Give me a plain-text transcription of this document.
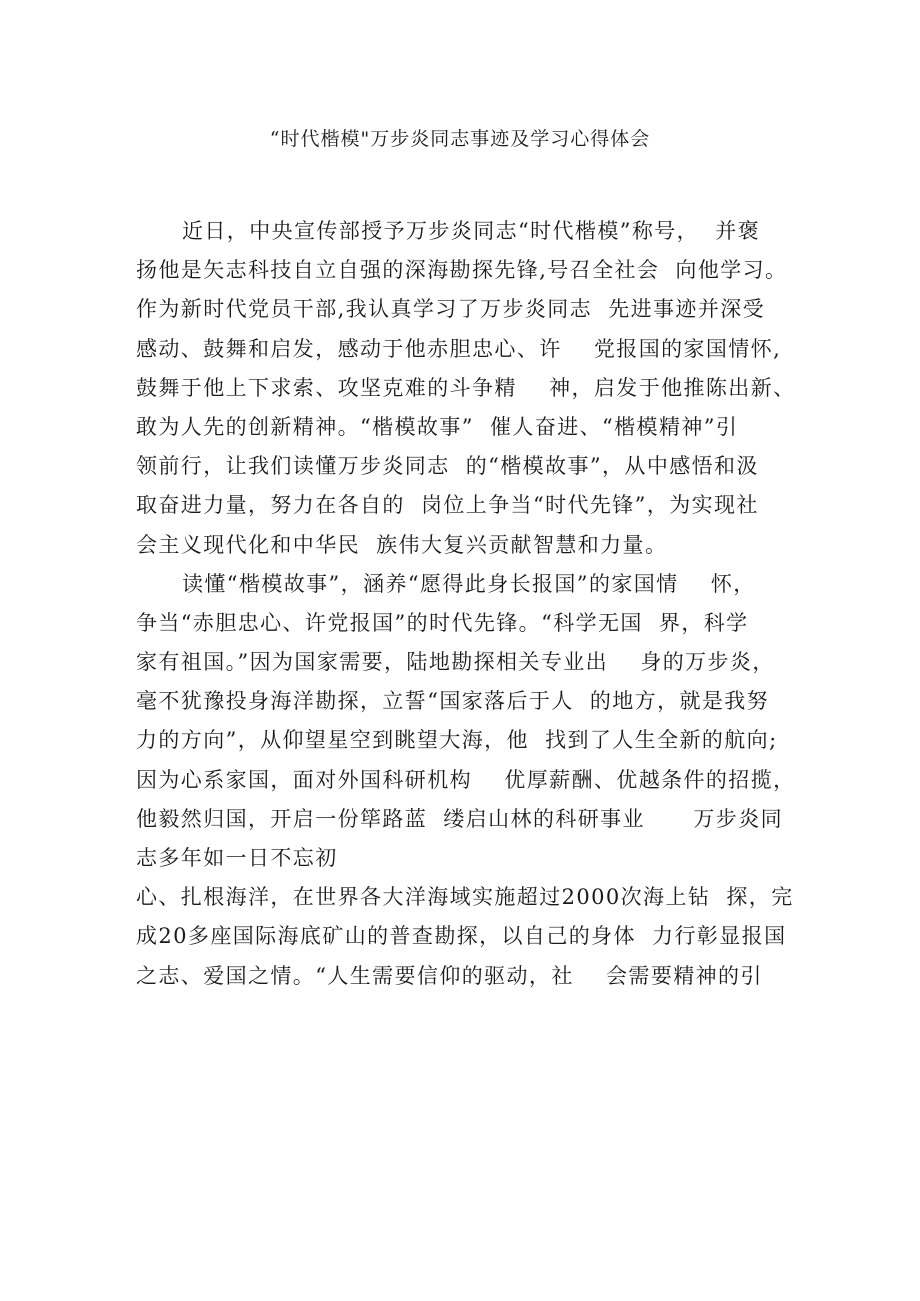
“时代楷模"万步炎同志事迹及学习心得体会
近日，中央宣传部授予万步炎同志“时代楷模”称号，  并褒
扬他是矢志科技自立自强的深海勘探先锋,号召全社会  向他学习。
作为新时代党员干部,我认真学习了万步炎同志  先进事迹并深受
感动、鼓舞和启发，感动于他赤胆忠心、许    党报国的家国情怀,
鼓舞于他上下求索、攻坚克难的斗争精    神，启发于他推陈出新、
敢为人先的创新精神。“楷模故事”  催人奋进、“楷模精神”引
领前行，让我们读懂万步炎同志  的“楷模故事”，从中感悟和汲
取奋进力量，努力在各自的  岗位上争当“时代先锋”，为实现社
会主义现代化和中华民  族伟大复兴贡献智慧和力量。
读懂“楷模故事”，涵养“愿得此身长报国”的家国情    怀，
争当“赤胆忠心、许党报国”的时代先锋。“科学无国  界，科学
家有祖国。”因为国家需要，陆地勘探相关专业出    身的万步炎，
毫不犹豫投身海洋勘探，立誓“国家落后于人  的地方，就是我努
力的方向”，从仰望星空到眺望大海，他  找到了人生全新的航向;
因为心系家国，面对外国科研机构    优厚薪酬、优越条件的招揽，
他毅然归国，开启一份筚路蓝  缕启山林的科研事业      万步炎同
志多年如一日不忘初
心、扎根海洋，在世界各大洋海域实施超过2000次海上钻  探，完
成20多座国际海底矿山的普查勘探，以自己的身体  力行彰显报国
之志、爱国之情。“人生需要信仰的驱动，社    会需要精神的引
